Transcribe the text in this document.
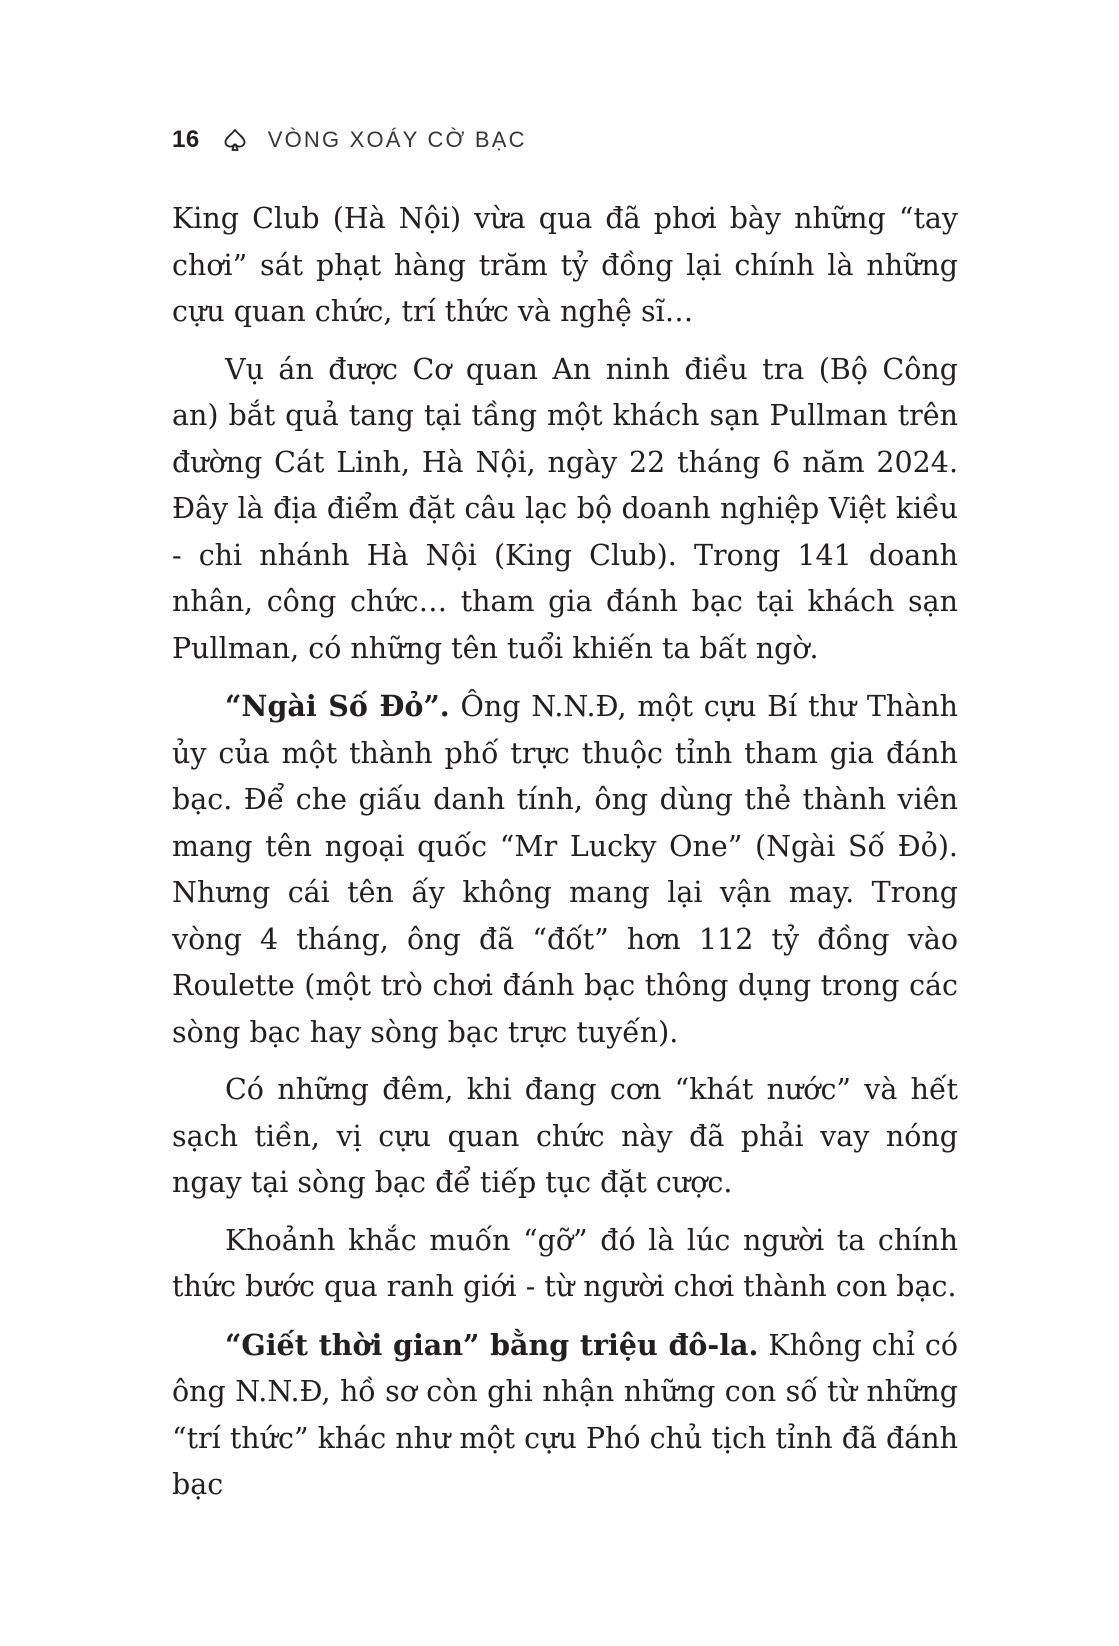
16	VÒNG XOÁY CỜ BẠC

King Club (Hà Nội) vừa qua đã phơi bày những “tay chơi” sát phạt hàng trăm tỷ đồng lại chính là những cựu quan chức, trí thức và nghệ sĩ…

Vụ án được Cơ quan An ninh điều tra (Bộ Công an) bắt quả tang tại tầng một khách sạn Pullman trên đường Cát Linh, Hà Nội, ngày 22 tháng 6 năm 2024. Đây là địa điểm đặt câu lạc bộ doanh nghiệp Việt kiều - chi nhánh Hà Nội (King Club). Trong 141 doanh nhân, công chức… tham gia đánh bạc tại khách sạn Pullman, có những tên tuổi khiến ta bất ngờ.

“Ngài Số Đỏ”. Ông N.N.Đ, một cựu Bí thư Thành ủy của một thành phố trực thuộc tỉnh tham gia đánh bạc. Để che giấu danh tính, ông dùng thẻ thành viên mang tên ngoại quốc “Mr Lucky One” (Ngài Số Đỏ). Nhưng cái tên ấy không mang lại vận may. Trong vòng 4 tháng, ông đã “đốt” hơn 112 tỷ đồng vào Roulette (một trò chơi đánh bạc thông dụng trong các sòng bạc hay sòng bạc trực tuyến).

Có những đêm, khi đang cơn “khát nước” và hết sạch tiền, vị cựu quan chức này đã phải vay nóng ngay tại sòng bạc để tiếp tục đặt cược.

Khoảnh khắc muốn “gỡ” đó là lúc người ta chính thức bước qua ranh giới - từ người chơi thành con bạc.

“Giết thời gian” bằng triệu đô-la. Không chỉ có ông N.N.Đ, hồ sơ còn ghi nhận những con số từ những “trí thức” khác như một cựu Phó chủ tịch tỉnh đã đánh bạc
